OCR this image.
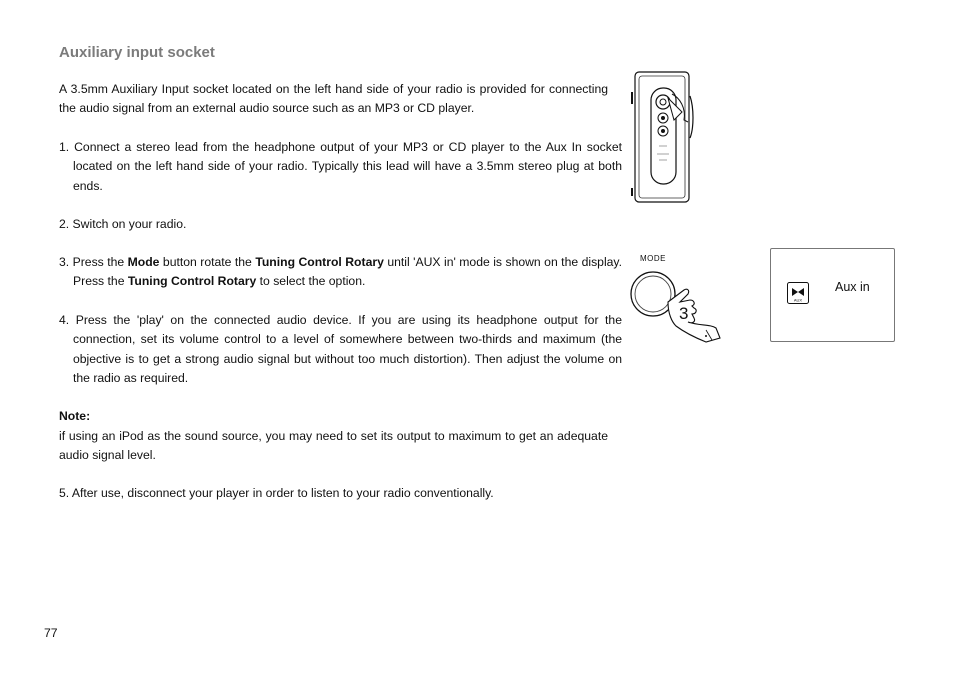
Auxiliary input socket

A 3.5mm Auxiliary Input socket located on the left hand side of your radio is provided for connecting the audio signal from an external audio source such as an MP3 or CD player.

1. Connect a stereo lead from the headphone output of your MP3 or CD player to the Aux In socket located on the left hand side of your radio. Typically this lead will have a 3.5mm stereo plug at both ends.

2. Switch on your radio.

3. Press the Mode button rotate the Tuning Control Rotary until 'AUX in' mode is shown on the display. Press the Tuning Control Rotary to select the option.

4. Press the 'play' on the connected audio device. If you are using its headphone output for the connection, set its volume control to a level of somewhere between two-thirds and maximum (the objective is to get a strong audio signal but without too much distortion). Then adjust the volume on the radio as required.

Note:

if using an iPod as the sound source, you may need to set its output to maximum to get an adequate audio signal level.

5. After use, disconnect your player in order to listen to your radio conventionally.

77
MODE
3
AUX
Aux in
